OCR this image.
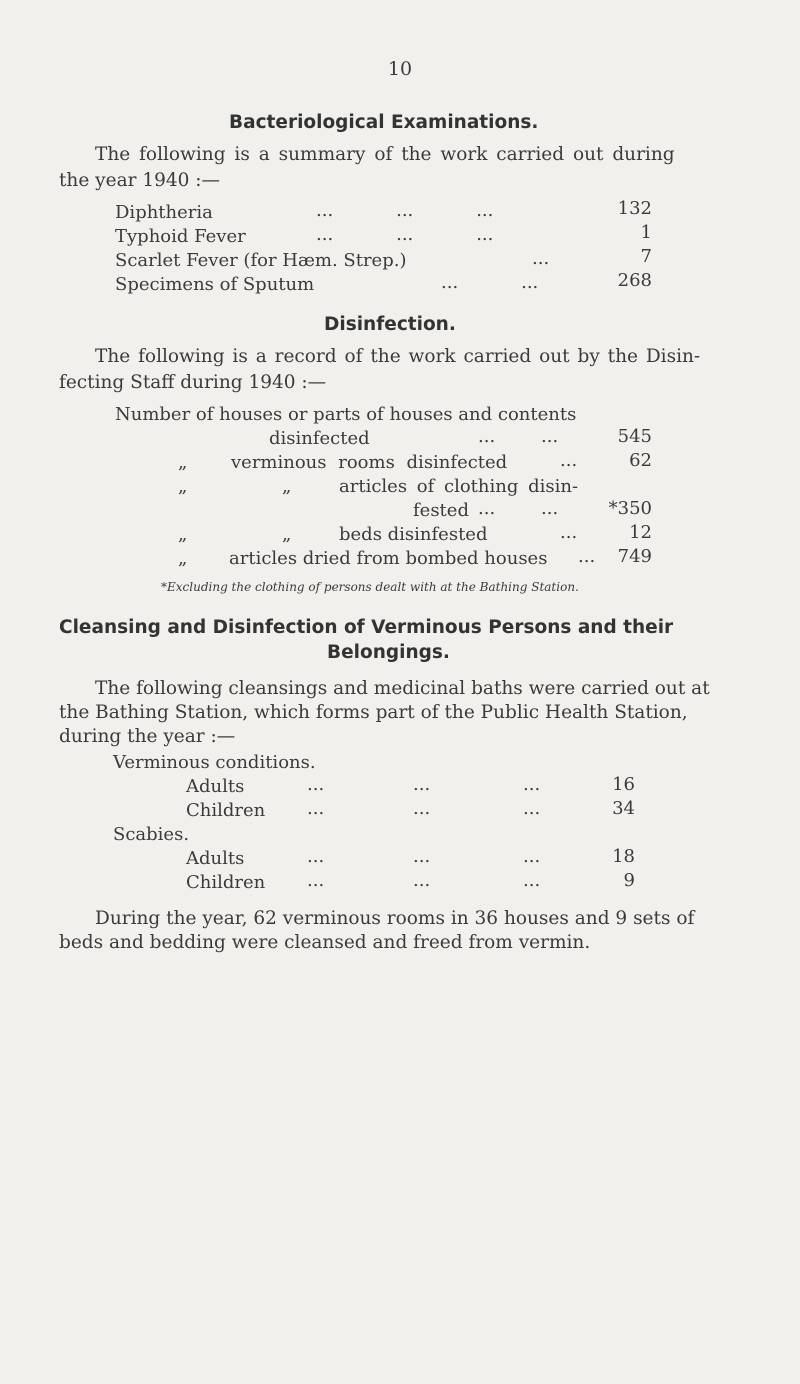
10
Bacteriological Examinations.
The following is a summary of the work carried out during
the year 1940 :—
Diphtheria	...           ...           ...	132
Typhoid Fever	...           ...           ...	1
Scarlet Fever (for Hæm. Strep.)	...	7
Specimens of Sputum	...           ...	268
Disinfection.
The following is a record of the work carried out by the Disin-
fecting Staff during 1940 :—
Number of houses or parts of houses and contents
disinfected	...	...	545
„ verminous rooms disinfected	...	62
„	„	articles of clothing disin-
fested ...	...	*350
„	„	beds disinfested	...	12
„ articles dried from bombed houses ...	749
*Excluding the clothing of persons dealt with at the Bathing Station.
Cleansing and Disinfection of Verminous Persons and their
Belongings.
The following cleansings and medicinal baths were carried out at
the Bathing Station, which forms part of the Public Health Station,
during the year :—
Verminous conditions.
Adults	...	...	...	16
Children ...	...	...	34
Scabies.
Adults	...	...	...	18
Children ...	...	...	9
During the year, 62 verminous rooms in 36 houses and 9 sets of
beds and bedding were cleansed and freed from vermin.
